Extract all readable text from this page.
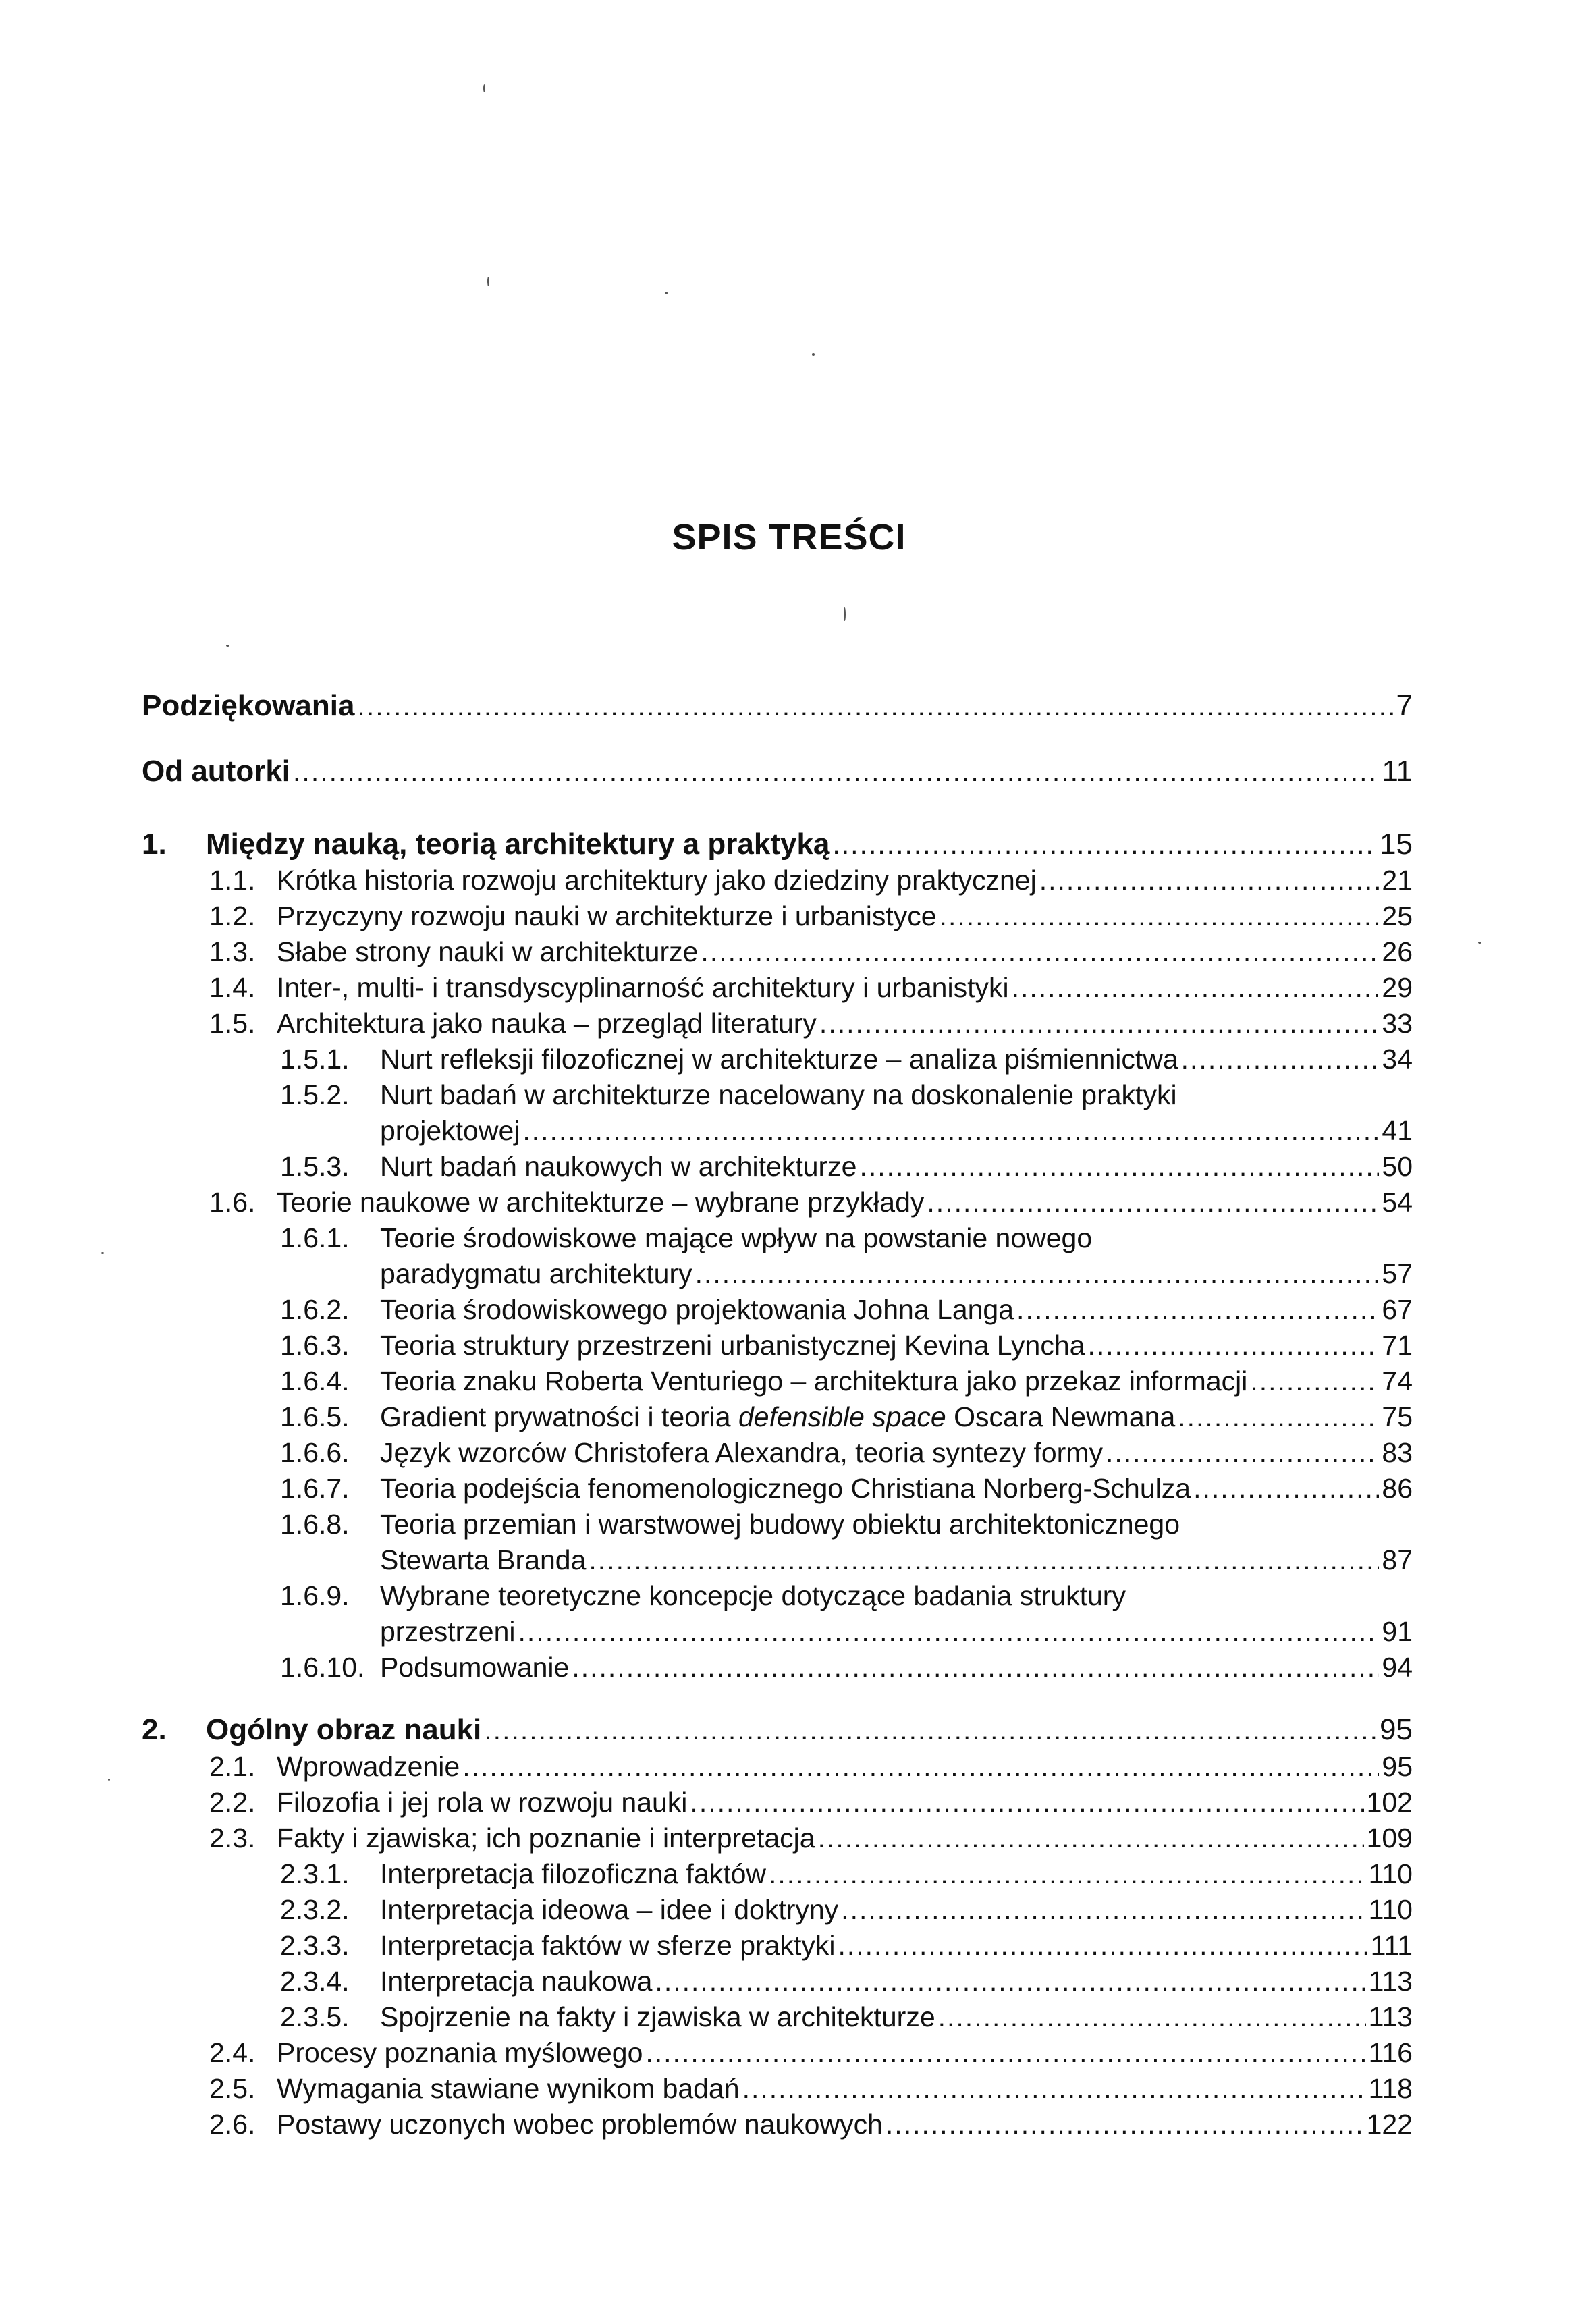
SPIS TREŚCI
Podziękowania .....	7
Od autorki .....	11
1.	Między nauką, teorią architektury a praktyką .....	15
1.1. Krótka historia rozwoju architektury jako dziedziny praktycznej .....	21
1.2. Przyczyny rozwoju nauki w architekturze i urbanistyce .....	25
1.3. Słabe strony nauki w architekturze .....	26
1.4. Inter-, multi- i transdyscyplinarność architektury i urbanistyki .....	29
1.5. Architektura jako nauka – przegląd literatury .....	33
1.5.1.	Nurt refleksji filozoficznej w architekturze – analiza piśmiennictwa .....	34
1.5.2. Nurt badań w architekturze nacelowany na doskonalenie praktyki
projektowej .....	41
1.5.3.	Nurt badań naukowych w architekturze .....	50
1.6. Teorie naukowe w architekturze – wybrane przykłady .....	54
1.6.1. Teorie środowiskowe mające wpływ na powstanie nowego
paradygmatu architektury .....	57
1.6.2.	Teoria środowiskowego projektowania Johna Langa .....	67
1.6.3.	Teoria struktury przestrzeni urbanistycznej Kevina Lyncha .....	71
1.6.4.	Teoria znaku Roberta Venturiego – architektura jako przekaz informacji .....	74
1.6.5.	Gradient prywatności i teoria defensible space Oscara Newmana .....	75
1.6.6.	Język wzorców Christofera Alexandra, teoria syntezy formy .....	83
1.6.7.	Teoria podejścia fenomenologicznego Christiana Norberg-Schulza .....	86
1.6.8. Teoria przemian i warstwowej budowy obiektu architektonicznego
Stewarta Branda .....	87
1.6.9. Wybrane teoretyczne koncepcje dotyczące badania struktury
przestrzeni .....	91
1.6.10. Podsumowanie .....	94
2.	Ogólny obraz nauki .....	95
2.1. Wprowadzenie .....	95
2.2. Filozofia i jej rola w rozwoju nauki .....	102
2.3. Fakty i zjawiska; ich poznanie i interpretacja .....	109
2.3.1.	Interpretacja filozoficzna faktów .....	110
2.3.2.	Interpretacja ideowa – idee i doktryny .....	110
2.3.3.	Interpretacja faktów w sferze praktyki .....	111
2.3.4.	Interpretacja naukowa .....	113
2.3.5.	Spojrzenie na fakty i zjawiska w architekturze .....	113
2.4. Procesy poznania myślowego .....	116
2.5. Wymagania stawiane wynikom badań .....	118
2.6. Postawy uczonych wobec problemów naukowych .....	122
